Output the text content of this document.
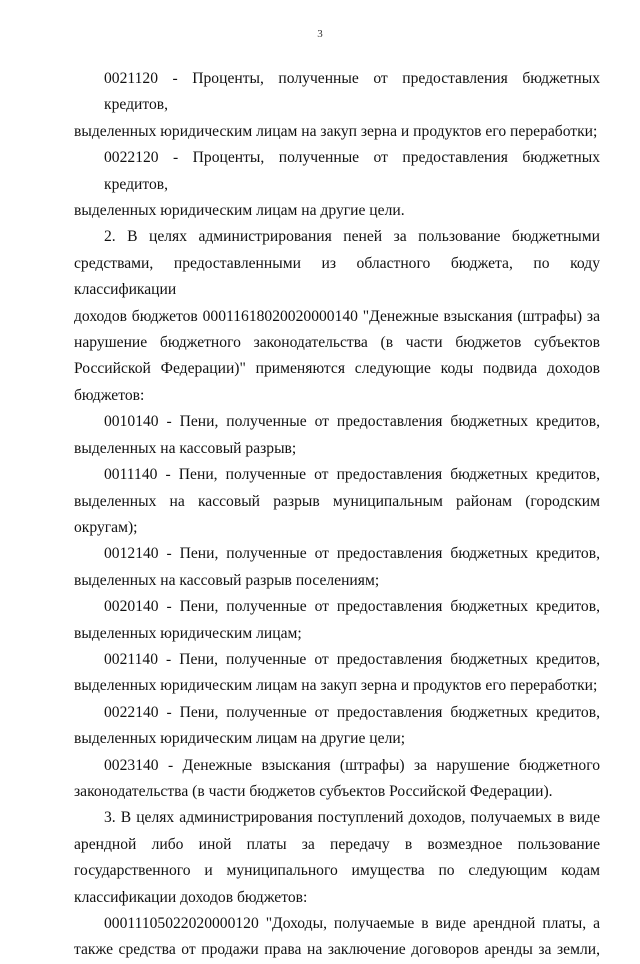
3
0021120 - Проценты, полученные от предоставления бюджетных кредитов,
выделенных юридическим лицам на закуп зерна и продуктов его переработки;
0022120 - Проценты, полученные от предоставления бюджетных кредитов,
выделенных юридическим лицам на другие цели.
2. В целях администрирования пеней за пользование бюджетными
средствами, предоставленными из областного бюджета, по коду классификации
доходов бюджетов 00011618020020000140 "Денежные взыскания (штрафы) за
нарушение бюджетного законодательства (в части бюджетов субъектов
Российской Федерации)" применяются следующие коды подвида доходов
бюджетов:
0010140 - Пени, полученные от предоставления бюджетных кредитов,
выделенных на кассовый разрыв;
0011140 - Пени, полученные от предоставления бюджетных кредитов,
выделенных на кассовый разрыв муниципальным районам (городским округам);
0012140 - Пени, полученные от предоставления бюджетных кредитов,
выделенных на кассовый разрыв поселениям;
0020140 - Пени, полученные от предоставления бюджетных кредитов,
выделенных юридическим лицам;
0021140 - Пени, полученные от предоставления бюджетных кредитов,
выделенных юридическим лицам на закуп зерна и продуктов его переработки;
0022140 - Пени, полученные от предоставления бюджетных кредитов,
выделенных юридическим лицам на другие цели;
0023140 - Денежные взыскания (штрафы) за нарушение бюджетного
законодательства (в части бюджетов субъектов Российской Федерации).
3. В целях администрирования поступлений доходов, получаемых в виде
арендной либо иной платы за передачу в возмездное пользование
государственного и муниципального имущества по следующим кодам
классификации доходов бюджетов:
00011105022020000120 "Доходы, получаемые в виде арендной платы, а
также средства от продажи права на заключение договоров аренды за земли,
